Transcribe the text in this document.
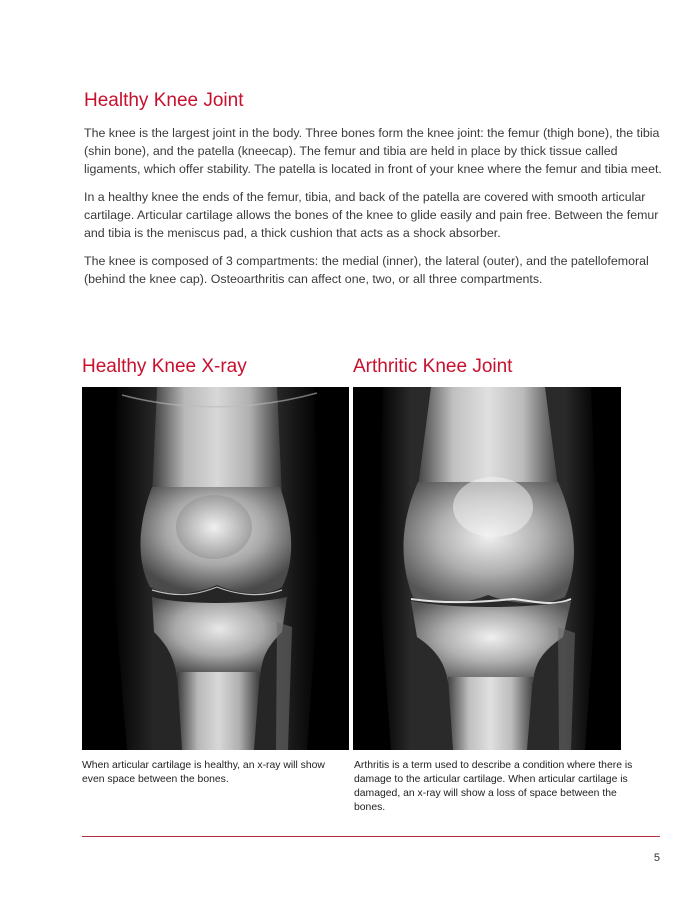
Healthy Knee Joint

The knee is the largest joint in the body. Three bones form the knee joint: the femur (thigh bone), the tibia (shin bone), and the patella (kneecap). The femur and tibia are held in place by thick tissue called ligaments, which offer stability. The patella is located in front of your knee where the femur and tibia meet.

In a healthy knee the ends of the femur, tibia, and back of the patella are covered with smooth articular cartilage. Articular cartilage allows the bones of the knee to glide easily and pain free. Between the femur and tibia is the meniscus pad, a thick cushion that acts as a shock absorber.

The knee is composed of 3 compartments: the medial (inner), the lateral (outer), and the patellofemoral (behind the knee cap). Osteoarthritis can affect one, two, or all three compartments.

Healthy Knee X-ray	Arthritic Knee Joint

When articular cartilage is healthy, an x-ray will show even space between the bones.

Arthritis is a term used to describe a condition where there is damage to the articular cartilage. When articular cartilage is damaged, an x-ray will show a loss of space between the bones.

5
